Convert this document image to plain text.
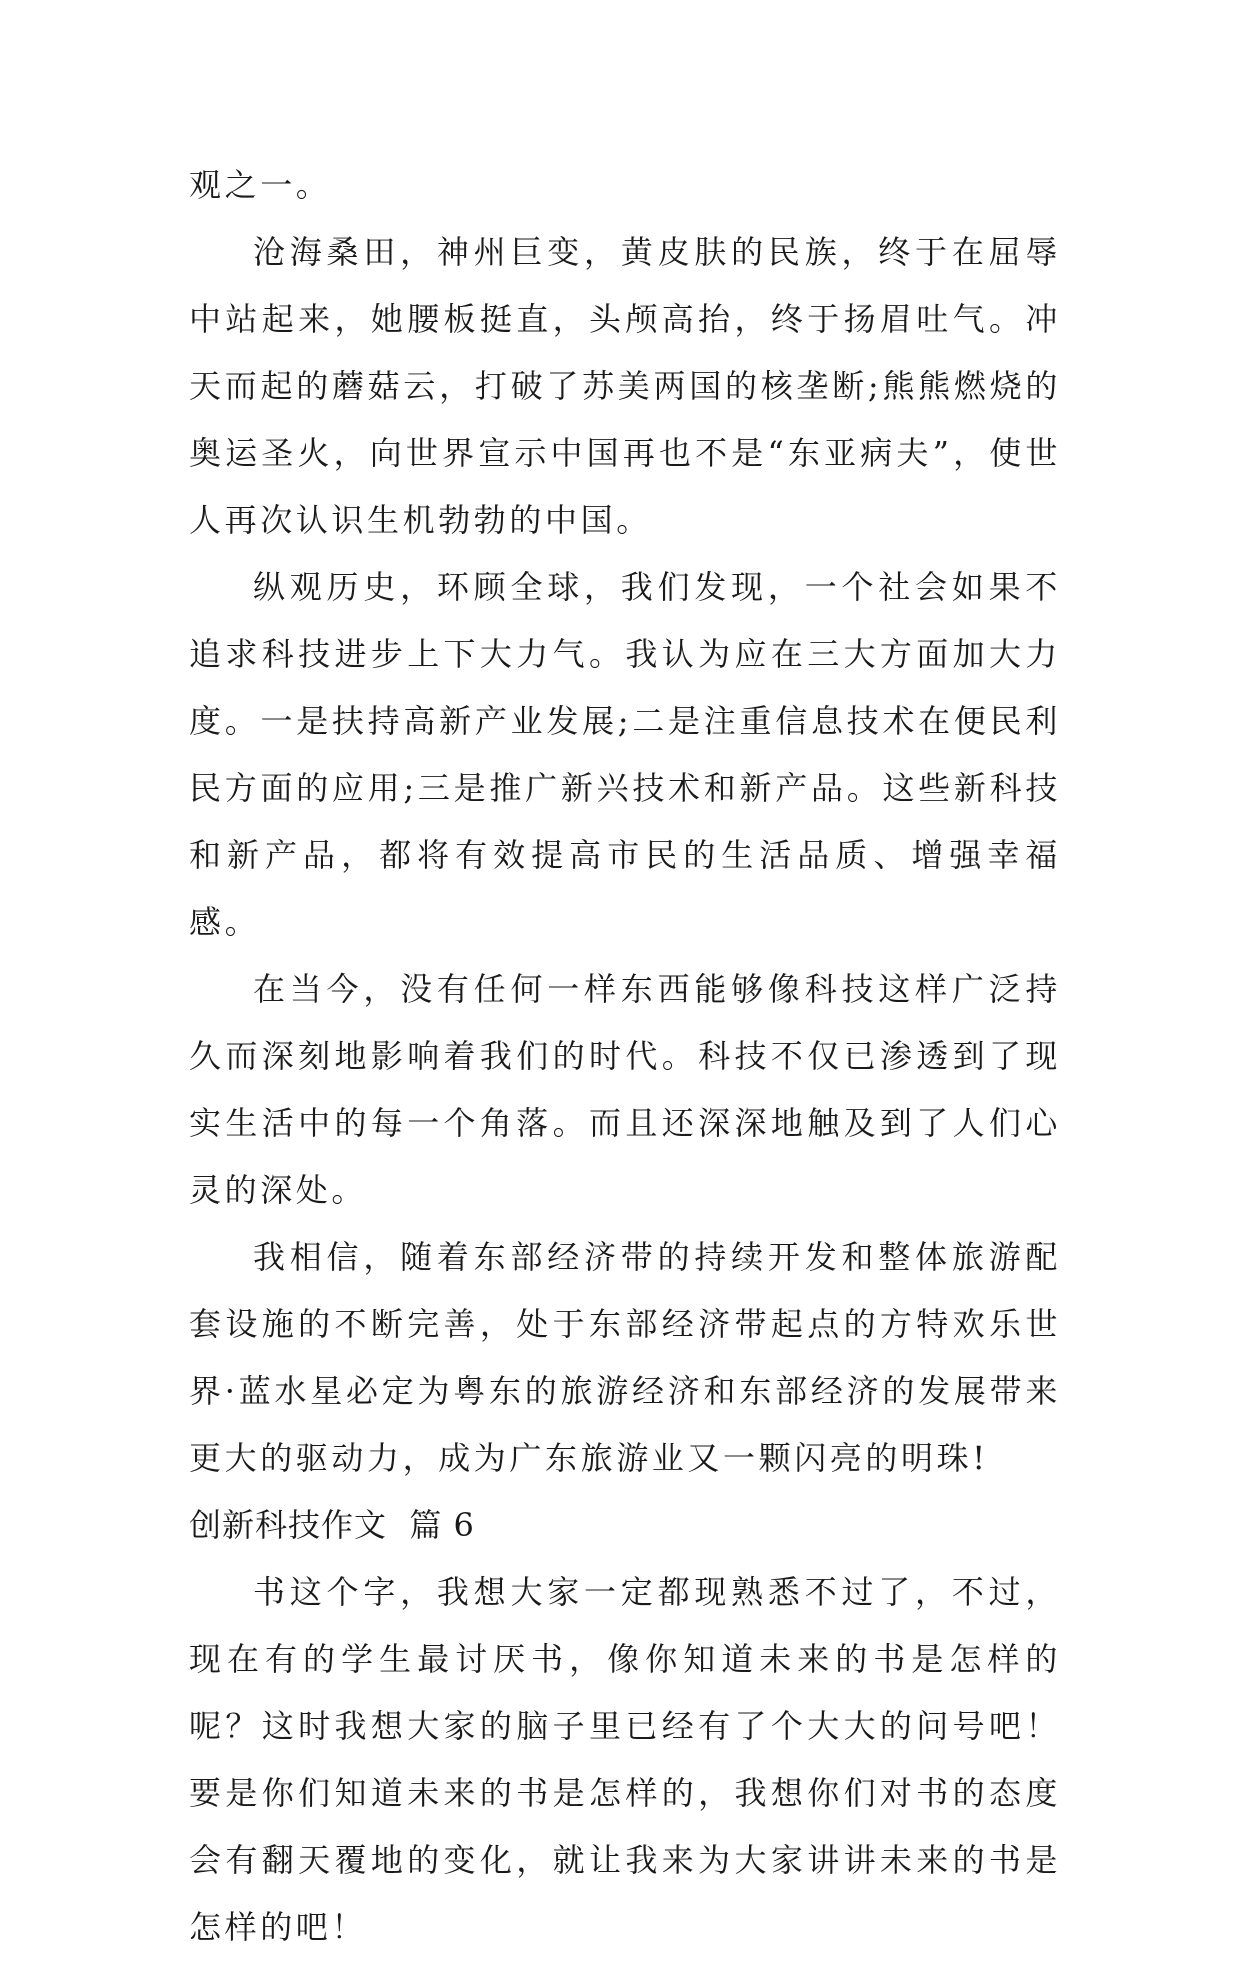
观之一。

沧海桑田，神州巨变，黄皮肤的民族，终于在屈辱中站起来，她腰板挺直，头颅高抬，终于扬眉吐气。冲天而起的蘑菇云，打破了苏美两国的核垄断;熊熊燃烧的奥运圣火，向世界宣示中国再也不是“东亚病夫”，使世人再次认识生机勃勃的中国。

纵观历史，环顾全球，我们发现，一个社会如果不追求科技进步上下大力气。我认为应在三大方面加大力度。一是扶持高新产业发展;二是注重信息技术在便民利民方面的应用;三是推广新兴技术和新产品。这些新科技和新产品，都将有效提高市民的生活品质、增强幸福感。

在当今，没有任何一样东西能够像科技这样广泛持久而深刻地影响着我们的时代。科技不仅已渗透到了现实生活中的每一个角落。而且还深深地触及到了人们心灵的深处。

我相信，随着东部经济带的持续开发和整体旅游配套设施的不断完善，处于东部经济带起点的方特欢乐世界·蓝水星必定为粤东的旅游经济和东部经济的发展带来更大的驱动力，成为广东旅游业又一颗闪亮的明珠!

创新科技作文  篇 6

书这个字，我想大家一定都现熟悉不过了，不过，现在有的学生最讨厌书，像你知道未来的书是怎样的呢？这时我想大家的脑子里已经有了个大大的问号吧！要是你们知道未来的书是怎样的，我想你们对书的态度会有翻天覆地的变化，就让我来为大家讲讲未来的书是怎样的吧！
